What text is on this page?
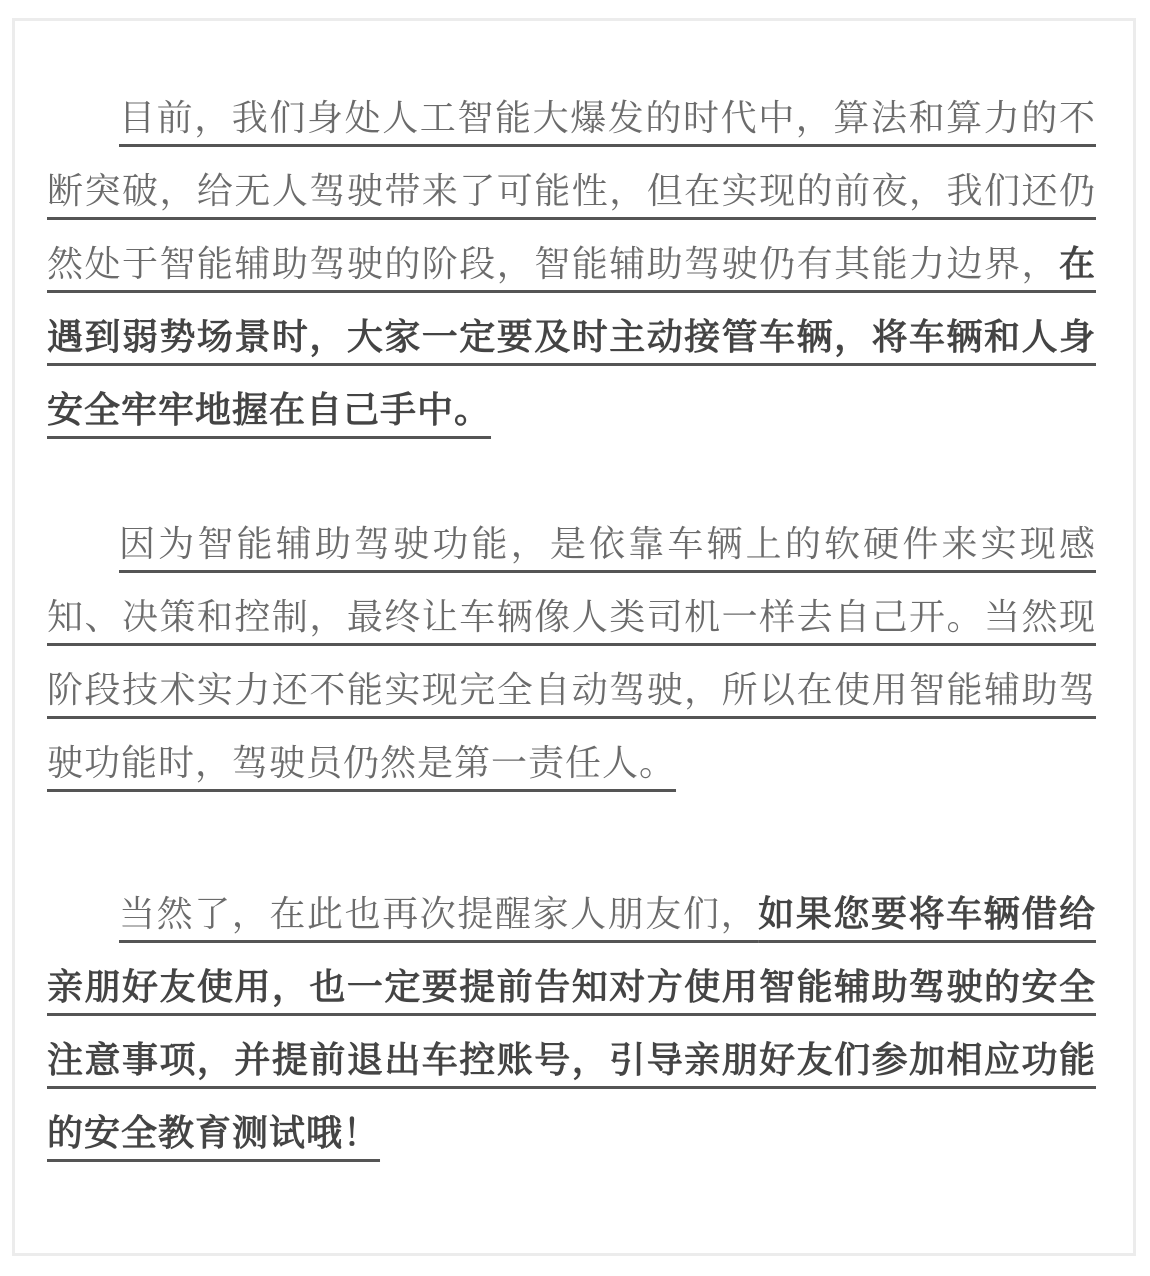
目前，我们身处人工智能大爆发的时代中，算法和算力的不断突破，给无人驾驶带来了可能性，但在实现的前夜，我们还仍然处于智能辅助驾驶的阶段，智能辅助驾驶仍有其能力边界，在遇到弱势场景时，大家一定要及时主动接管车辆，将车辆和人身安全牢牢地握在自己手中。

因为智能辅助驾驶功能，是依靠车辆上的软硬件来实现感知、决策和控制，最终让车辆像人类司机一样去自己开。当然现阶段技术实力还不能实现完全自动驾驶，所以在使用智能辅助驾驶功能时，驾驶员仍然是第一责任人。

当然了，在此也再次提醒家人朋友们，如果您要将车辆借给亲朋好友使用，也一定要提前告知对方使用智能辅助驾驶的安全注意事项，并提前退出车控账号，引导亲朋好友们参加相应功能的安全教育测试哦！
